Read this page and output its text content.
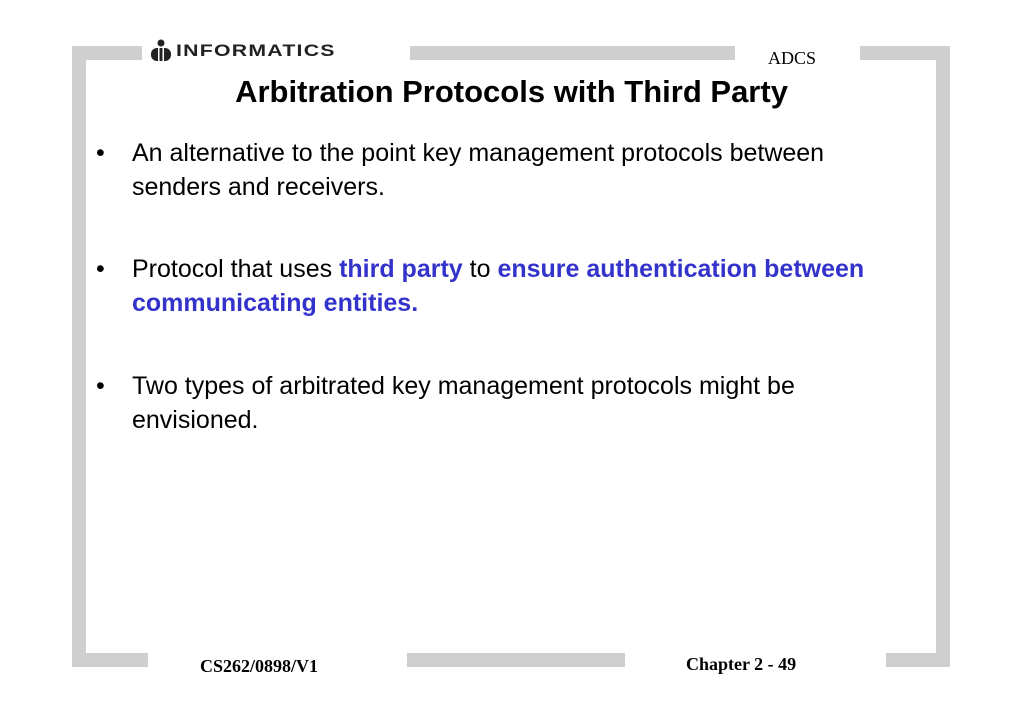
INFORMATICS	ADCS
Arbitration Protocols with Third Party
•	An alternative to the point key management protocols between senders and receivers.
•	Protocol that uses third party to ensure authentication between communicating entities.
•	Two types of arbitrated key management protocols might be envisioned.
CS262/0898/V1	Chapter 2 - 49
